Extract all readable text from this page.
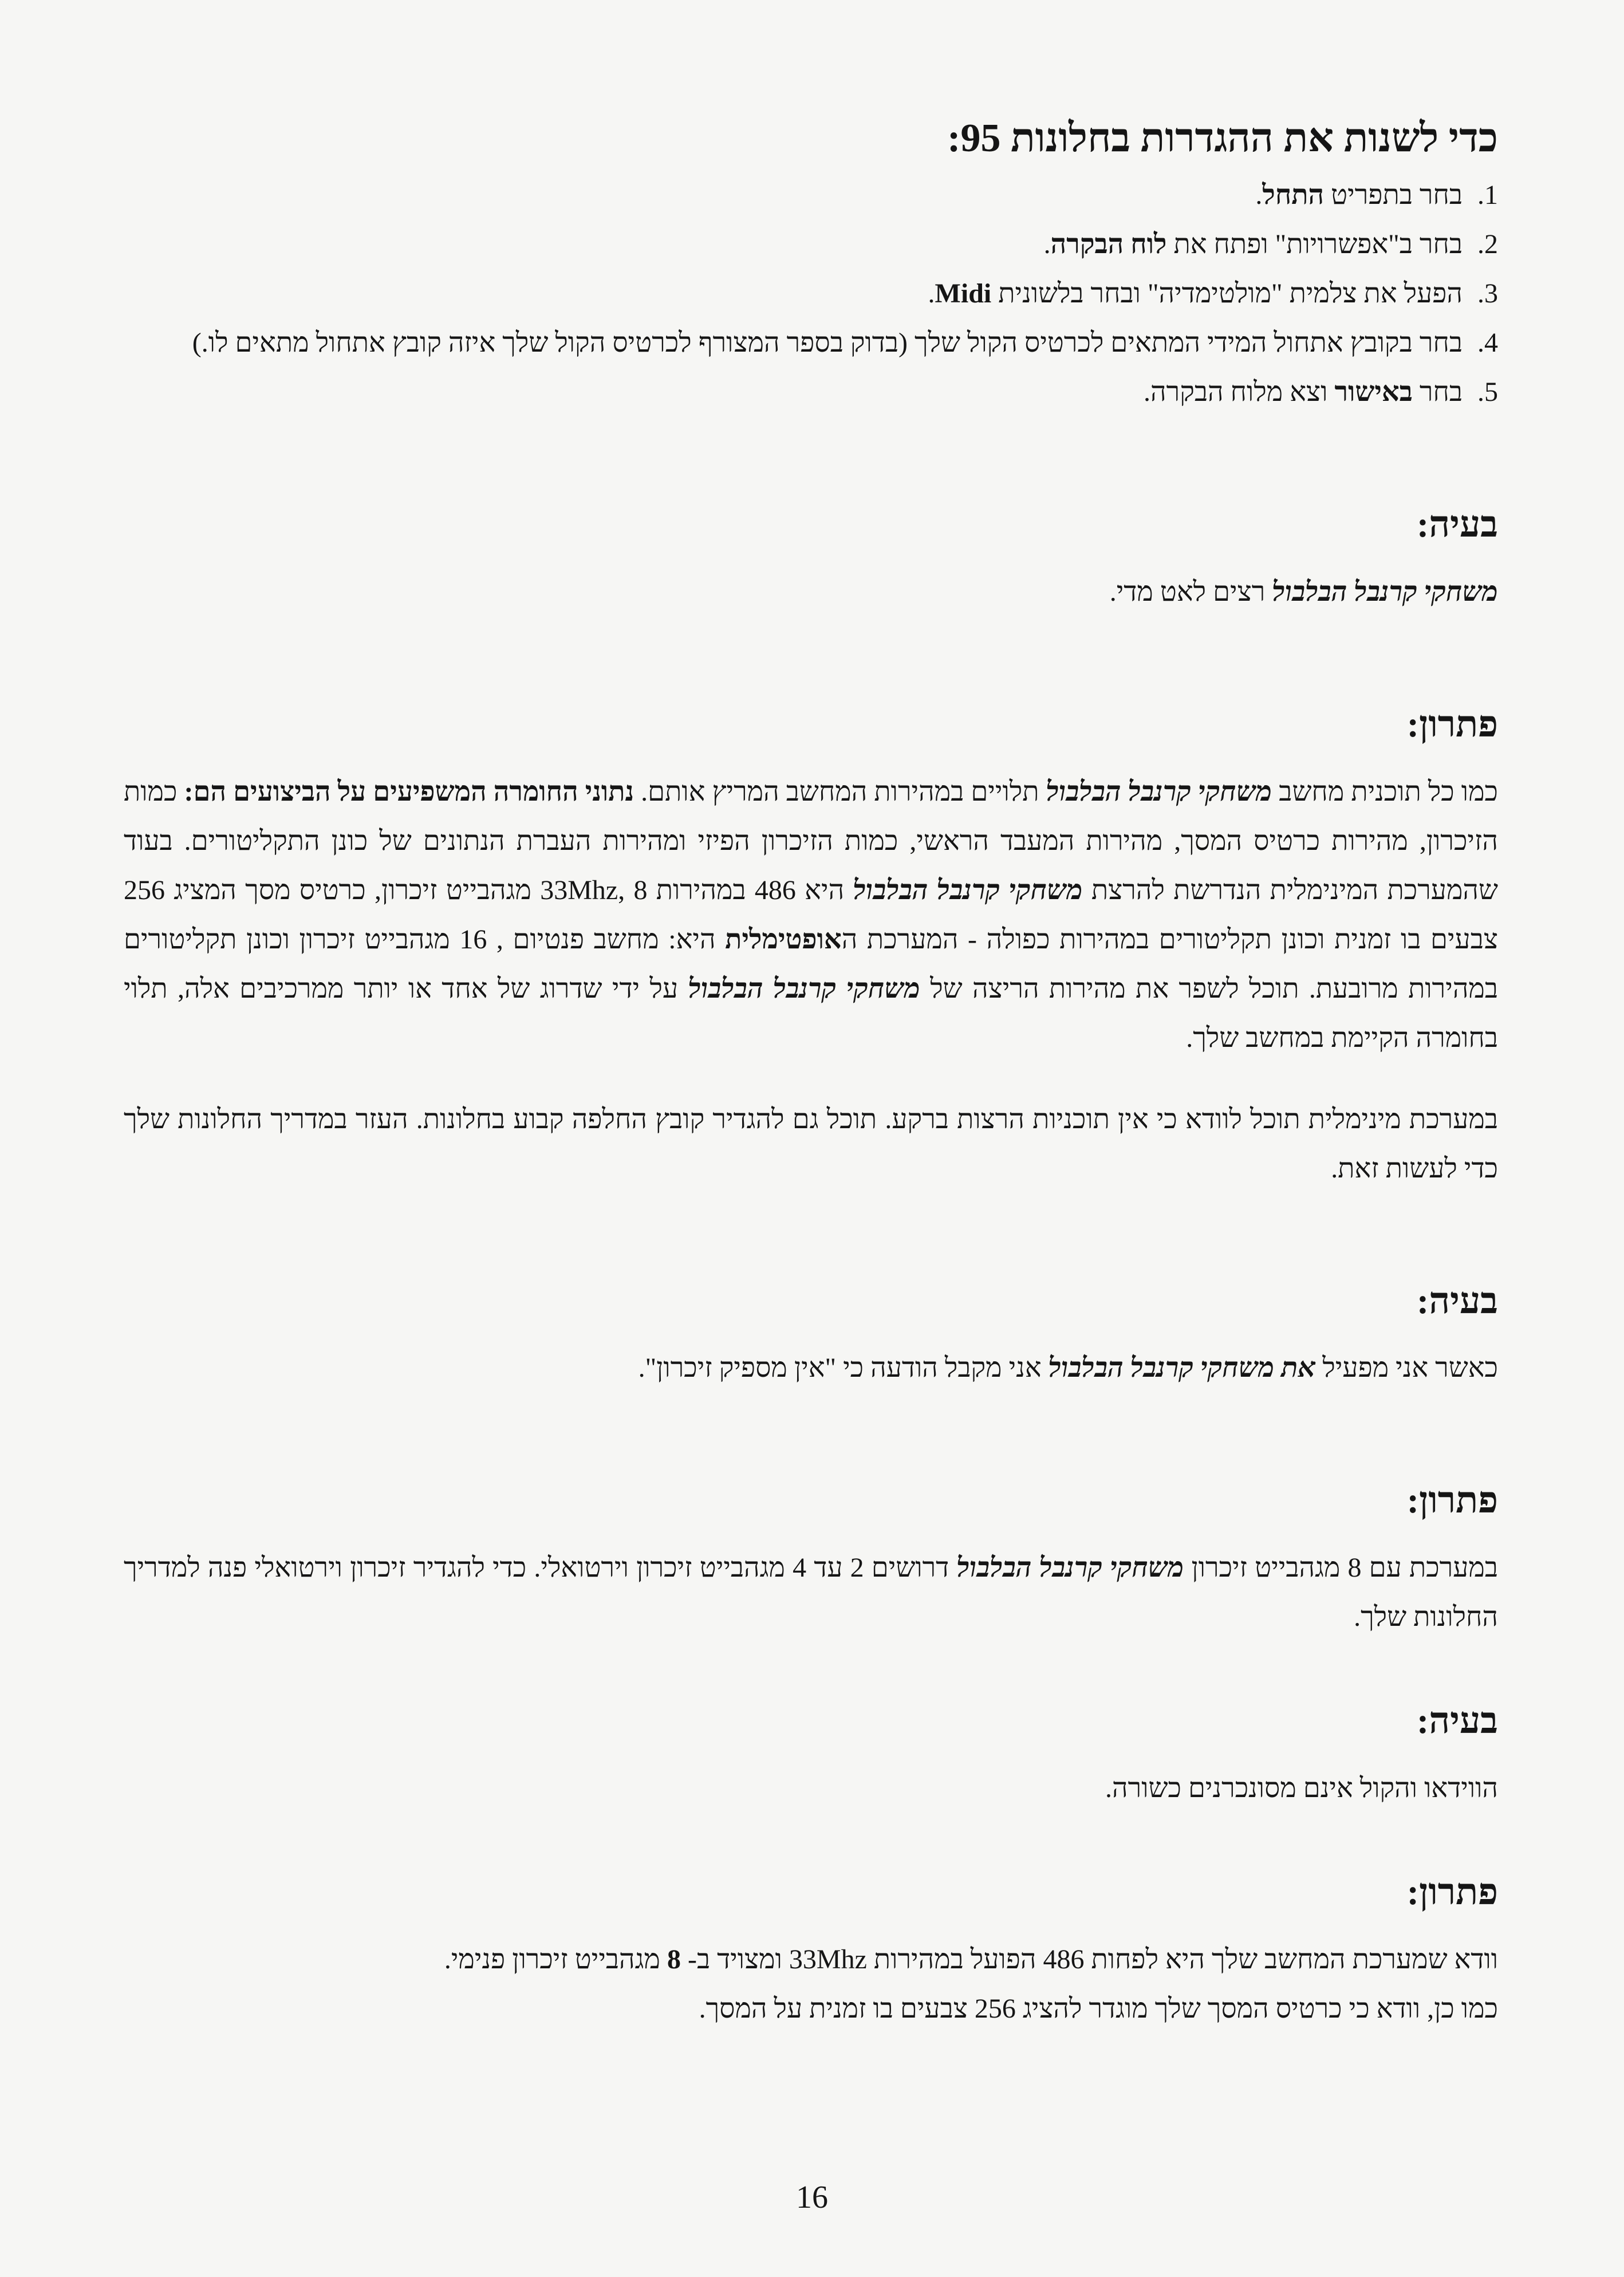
כדי לשנות את ההגדרות בחלונות 95:
1.
בחר בתפריט התחל.
2.
בחר ב"אפשרויות" ופתח את לוח הבקרה.
3.
הפעל את צלמית "מולטימדיה" ובחר בלשונית Midi.
4.
בחר בקובץ אתחול המידי המתאים לכרטיס הקול שלך (בדוק בספר המצורף לכרטיס הקול שלך איזה קובץ אתחול מתאים לו.)
5.
בחר באישור וצא מלוח הבקרה.
בעיה:

משחקי קרנבל הבלבול רצים לאט מדי.

פתרון:

כמו כל תוכנית מחשב משחקי קרנבל הבלבול תלויים במהירות המחשב המריץ אותם. נתוני החומרה המשפיעים על הביצועים הם: כמות הזיכרון, מהירות כרטיס המסך, מהירות המעבד הראשי, כמות הזיכרון הפיזי ומהירות העברת הנתונים של כונן התקליטורים. בעוד שהמערכת המינימלית הנדרשת להרצת משחקי קרנבל הבלבול היא 486 במהירות 33Mhz, 8 מגהבייט זיכרון, כרטיס מסך המציג 256 צבעים בו זמנית וכונן תקליטורים במהירות כפולה - המערכת האופטימלית היא: מחשב פנטיום , 16 מגהבייט זיכרון וכונן תקליטורים במהירות מרובעת. תוכל לשפר את מהירות הריצה של משחקי קרנבל הבלבול על ידי שדרוג של אחד או יותר ממרכיבים אלה, תלוי בחומרה הקיימת במחשב שלך.

במערכת מינימלית תוכל לוודא כי אין תוכניות הרצות ברקע. תוכל גם להגדיר קובץ החלפה קבוע בחלונות. העזר במדריך החלונות שלך כדי לעשות זאת.

בעיה:

כאשר אני מפעיל את משחקי קרנבל הבלבול אני מקבל הודעה כי "אין מספיק זיכרון".

פתרון:

במערכת עם 8 מגהבייט זיכרון משחקי קרנבל הבלבול דרושים 2 עד 4 מגהבייט זיכרון וירטואלי. כדי להגדיר זיכרון וירטואלי פנה למדריך החלונות שלך.

בעיה:

הווידאו והקול אינם מסונכרנים כשורה.

פתרון:

וודא שמערכת המחשב שלך היא לפחות 486 הפועל במהירות 33Mhz ומצויד ב- 8 מגהבייט זיכרון פנימי.

כמו כן, וודא כי כרטיס המסך שלך מוגדר להציג 256 צבעים בו זמנית על המסך.

16
